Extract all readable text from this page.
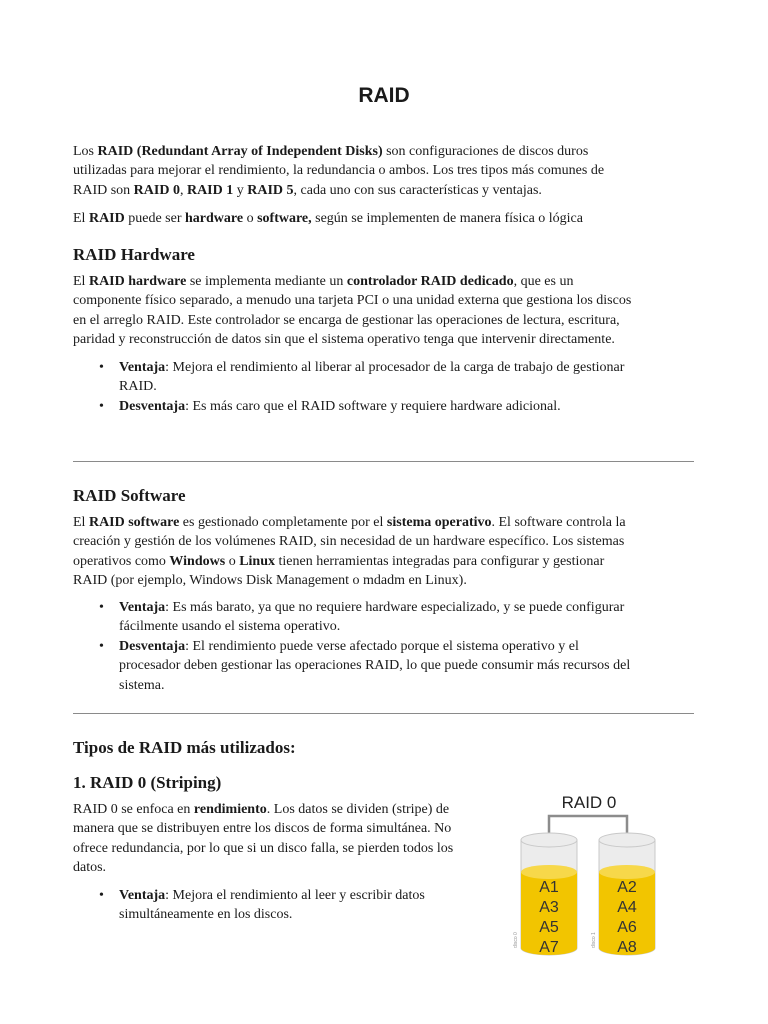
RAID

Los RAID (Redundant Array of Independent Disks) son configuraciones de discos duros
utilizadas para mejorar el rendimiento, la redundancia o ambos. Los tres tipos más comunes de
RAID son RAID 0, RAID 1 y RAID 5, cada uno con sus características y ventajas.

El RAID puede ser hardware o software, según se implementen de manera física o lógica

RAID Hardware

El RAID hardware se implementa mediante un controlador RAID dedicado, que es un
componente físico separado, a menudo una tarjeta PCI o una unidad externa que gestiona los discos
en el arreglo RAID. Este controlador se encarga de gestionar las operaciones de lectura, escritura,
paridad y reconstrucción de datos sin que el sistema operativo tenga que intervenir directamente.

• Ventaja: Mejora el rendimiento al liberar al procesador de la carga de trabajo de gestionar
RAID.
• Desventaja: Es más caro que el RAID software y requiere hardware adicional.
RAID Software

El RAID software es gestionado completamente por el sistema operativo. El software controla la
creación y gestión de los volúmenes RAID, sin necesidad de un hardware específico. Los sistemas
operativos como Windows o Linux tienen herramientas integradas para configurar y gestionar
RAID (por ejemplo, Windows Disk Management o mdadm en Linux).

• Ventaja: Es más barato, ya que no requiere hardware especializado, y se puede configurar
fácilmente usando el sistema operativo.
• Desventaja: El rendimiento puede verse afectado porque el sistema operativo y el
procesador deben gestionar las operaciones RAID, lo que puede consumir más recursos del
sistema.
Tipos de RAID más utilizados:
1. RAID 0 (Striping)

RAID 0 se enfoca en rendimiento. Los datos se dividen (stripe) de
manera que se distribuyen entre los discos de forma simultánea. No
ofrece redundancia, por lo que si un disco falla, se pierden todos los
datos.

• Ventaja: Mejora el rendimiento al leer y escribir datos
simultáneamente en los discos.
RAID 0
A1
A3
A5
A7
disco 0
A2
A4
A6
A8
disco 1
